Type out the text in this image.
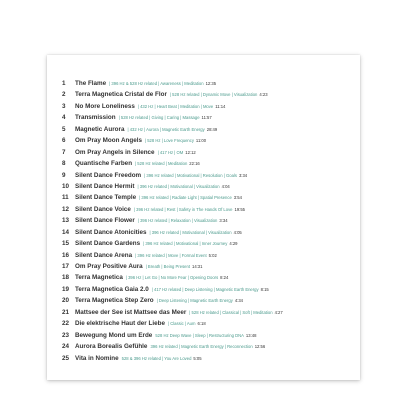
1	The Flame | 396 Hz & 528 Hz related | Awareness | Meditation 12:35
2	Terra Magnetica Cristal de Flor | 528 Hz related | Dynamic Move | Visualization 4:23
3	No More Loneliness | 432 Hz | Heart Beat | Meditation | Move 11:14
4	Transmission | 528 Hz related | Giving | Caring | Massage 11:57
5	Magnetic Aurora | 432 Hz | Aurora | Magnetic Earth Energy 28:49
6	Om Pray Moon Angels | 528 Hz | Love Frequency 11:00
7	Om Pray Angels in Silence | 417 Hz | OM 12:12
8	Quantische Farben | 528 Hz related | Meditation 22:16
9	Silent Dance Freedom | 396 Hz related | Motivational | Resolution | Goals 3:34
10 Silent Dance Hermit | 396 Hz related | Motivational | Visualization 4:04
11	Silent Dance Temple | 396 Hz related | Radiate Light | Spatial Presence 3:54
12 Silent Dance Voice | 396 Hz related | Rest | Safety in The Hands Of Love 19:55
13 Silent Dance Flower | 396 Hz related | Relaxation | Visualization 3:34
14 Silent Dance Atonicities | 396 Hz related | Motivational | Visualization 4:05
15 Silent Dance Gardens | 396 Hz related | Motivational | Inner Journey 4:29
16 Silent Dance Arena | 396 Hz related | Move | Formal Event 5:02
17 Om Pray Positive Aura | Breath | Being Present 14:31
18 Terra Magnetica | 396 Hz | Let Go | No More Fear | Opening Doors 8:24
19 Terra Magnetica Gaia 2.0 | 417 Hz related | Deep Listening | Magnetic Earth Energy 8:15
20 Terra Magnetica Step Zero | Deep Listening | Magnetic Earth Energy 4:34
21 Mattsee der See ist Mattsee das Meer | 528 Hz related | Classical | Soft | Meditation 4:27
22 Die elektrische Haut der Liebe | Classic | Aum 6:18
23 Bewegung Mond um Erde 528 Hz Deep Wave | Sleep | Restructuring DNA 13:48
24 Aurora Borealis Gefühle 396 Hz related | Magnetic Earth Energy | Reconnection 12:56
25 Vita in Nomine 528 & 396 Hz related | You Are Loved 5:05
